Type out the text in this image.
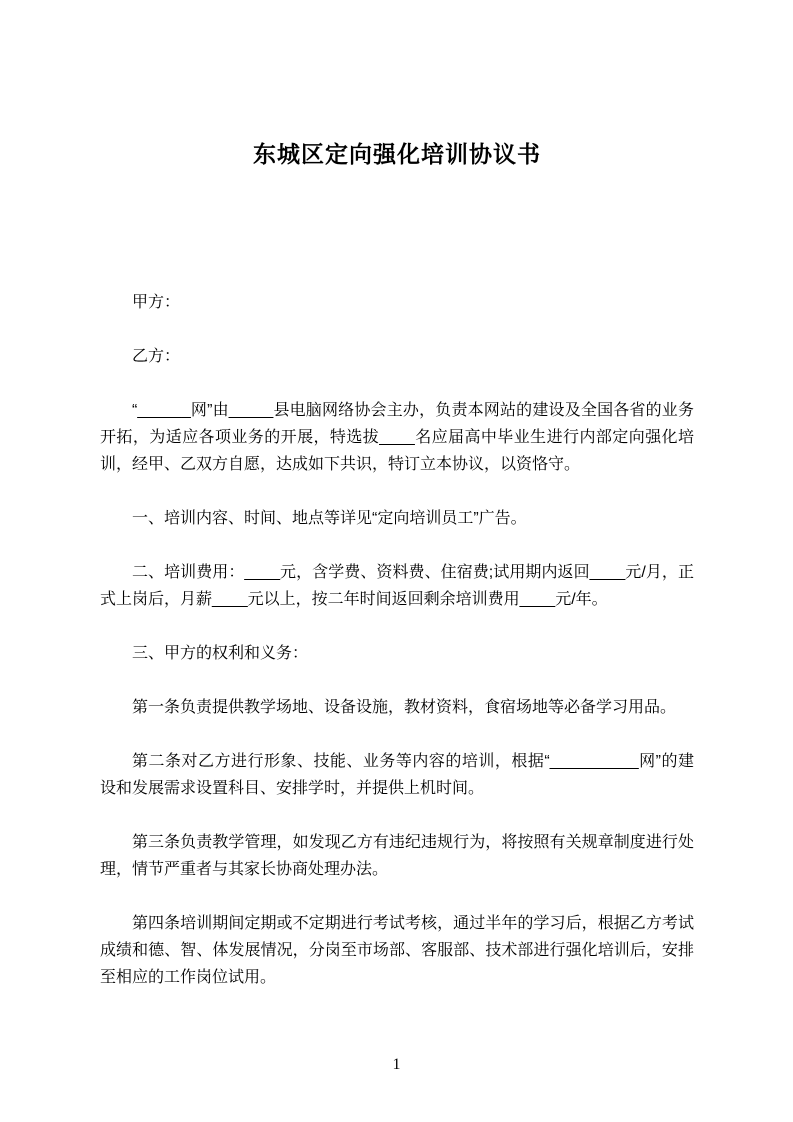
东城区定向强化培训协议书

甲方：

乙方：

“______网”由_____县电脑网络协会主办，负责本网站的建设及全国各省的业务开拓，为适应各项业务的开展，特选拔____名应届高中毕业生进行内部定向强化培训，经甲、乙双方自愿，达成如下共识，特订立本协议，以资恪守。

一、培训内容、时间、地点等详见“定向培训员工”广告。

二、培训费用：____元，含学费、资料费、住宿费;试用期内返回____元/月，正式上岗后，月薪____元以上，按二年时间返回剩余培训费用____元/年。

三、甲方的权利和义务：

第一条负责提供教学场地、设备设施，教材资料，食宿场地等必备学习用品。

第二条对乙方进行形象、技能、业务等内容的培训，根据“__________网”的建设和发展需求设置科目、安排学时，并提供上机时间。

第三条负责教学管理，如发现乙方有违纪违规行为，将按照有关规章制度进行处理，情节严重者与其家长协商处理办法。

第四条培训期间定期或不定期进行考试考核，通过半年的学习后，根据乙方考试成绩和德、智、体发展情况，分岗至市场部、客服部、技术部进行强化培训后，安排至相应的工作岗位试用。

1
